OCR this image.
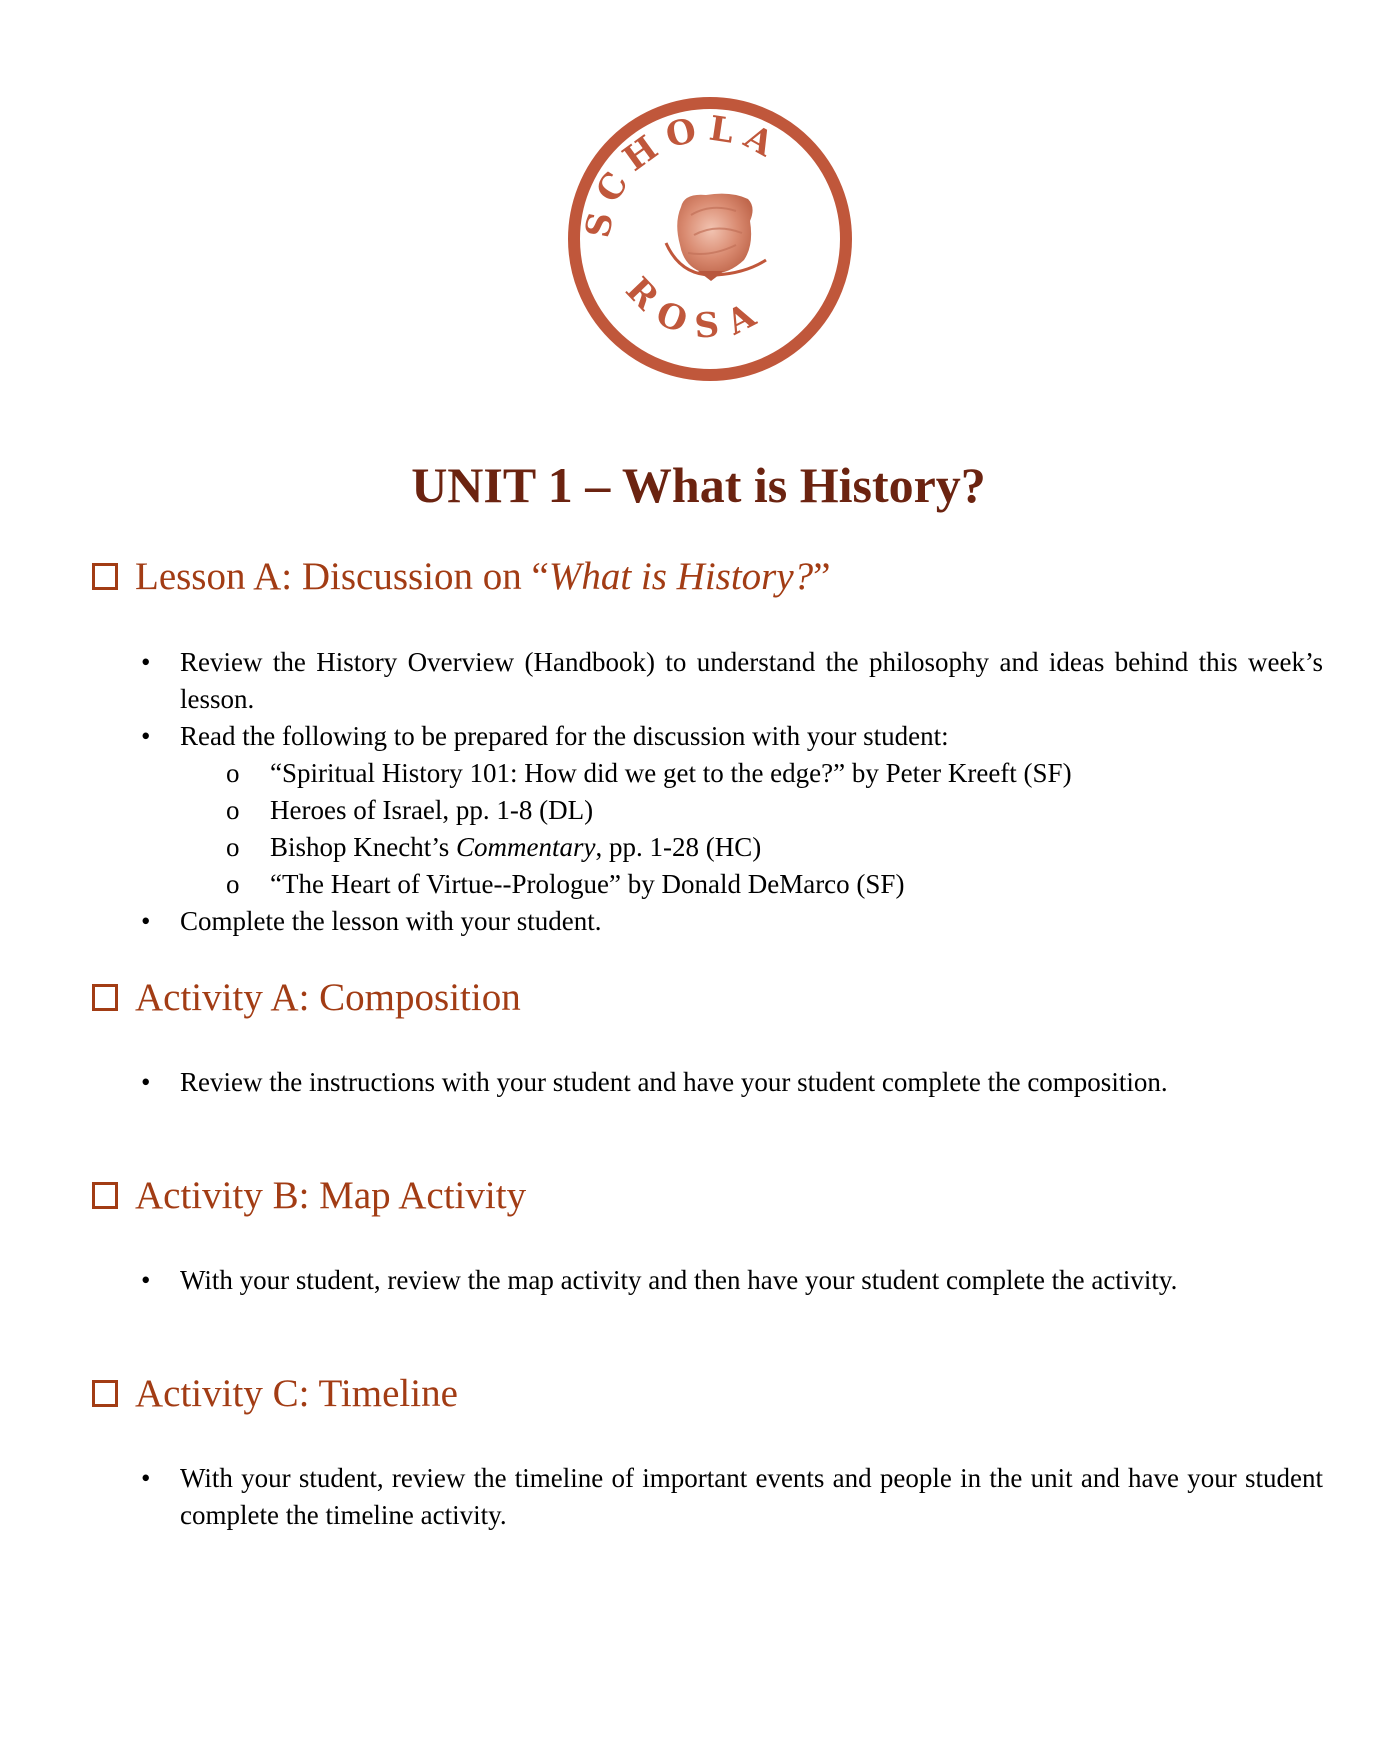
SCHOLA
ROSA
UNIT 1 – What is History?
Lesson A: Discussion on “What is History?”
• Review the History Overview (Handbook) to understand the philosophy and ideas behind this week’s lesson.
• Read the following to be prepared for the discussion with your student:
o “Spiritual History 101: How did we get to the edge?” by Peter Kreeft (SF)
o Heroes of Israel, pp. 1-8 (DL)
o Bishop Knecht’s Commentary, pp. 1-28 (HC)
o “The Heart of Virtue--Prologue” by Donald DeMarco (SF)
• Complete the lesson with your student.
Activity A: Composition
• Review the instructions with your student and have your student complete the composition.
Activity B: Map Activity
• With your student, review the map activity and then have your student complete the activity.
Activity C: Timeline
• With your student, review the timeline of important events and people in the unit and have your student complete the timeline activity.
